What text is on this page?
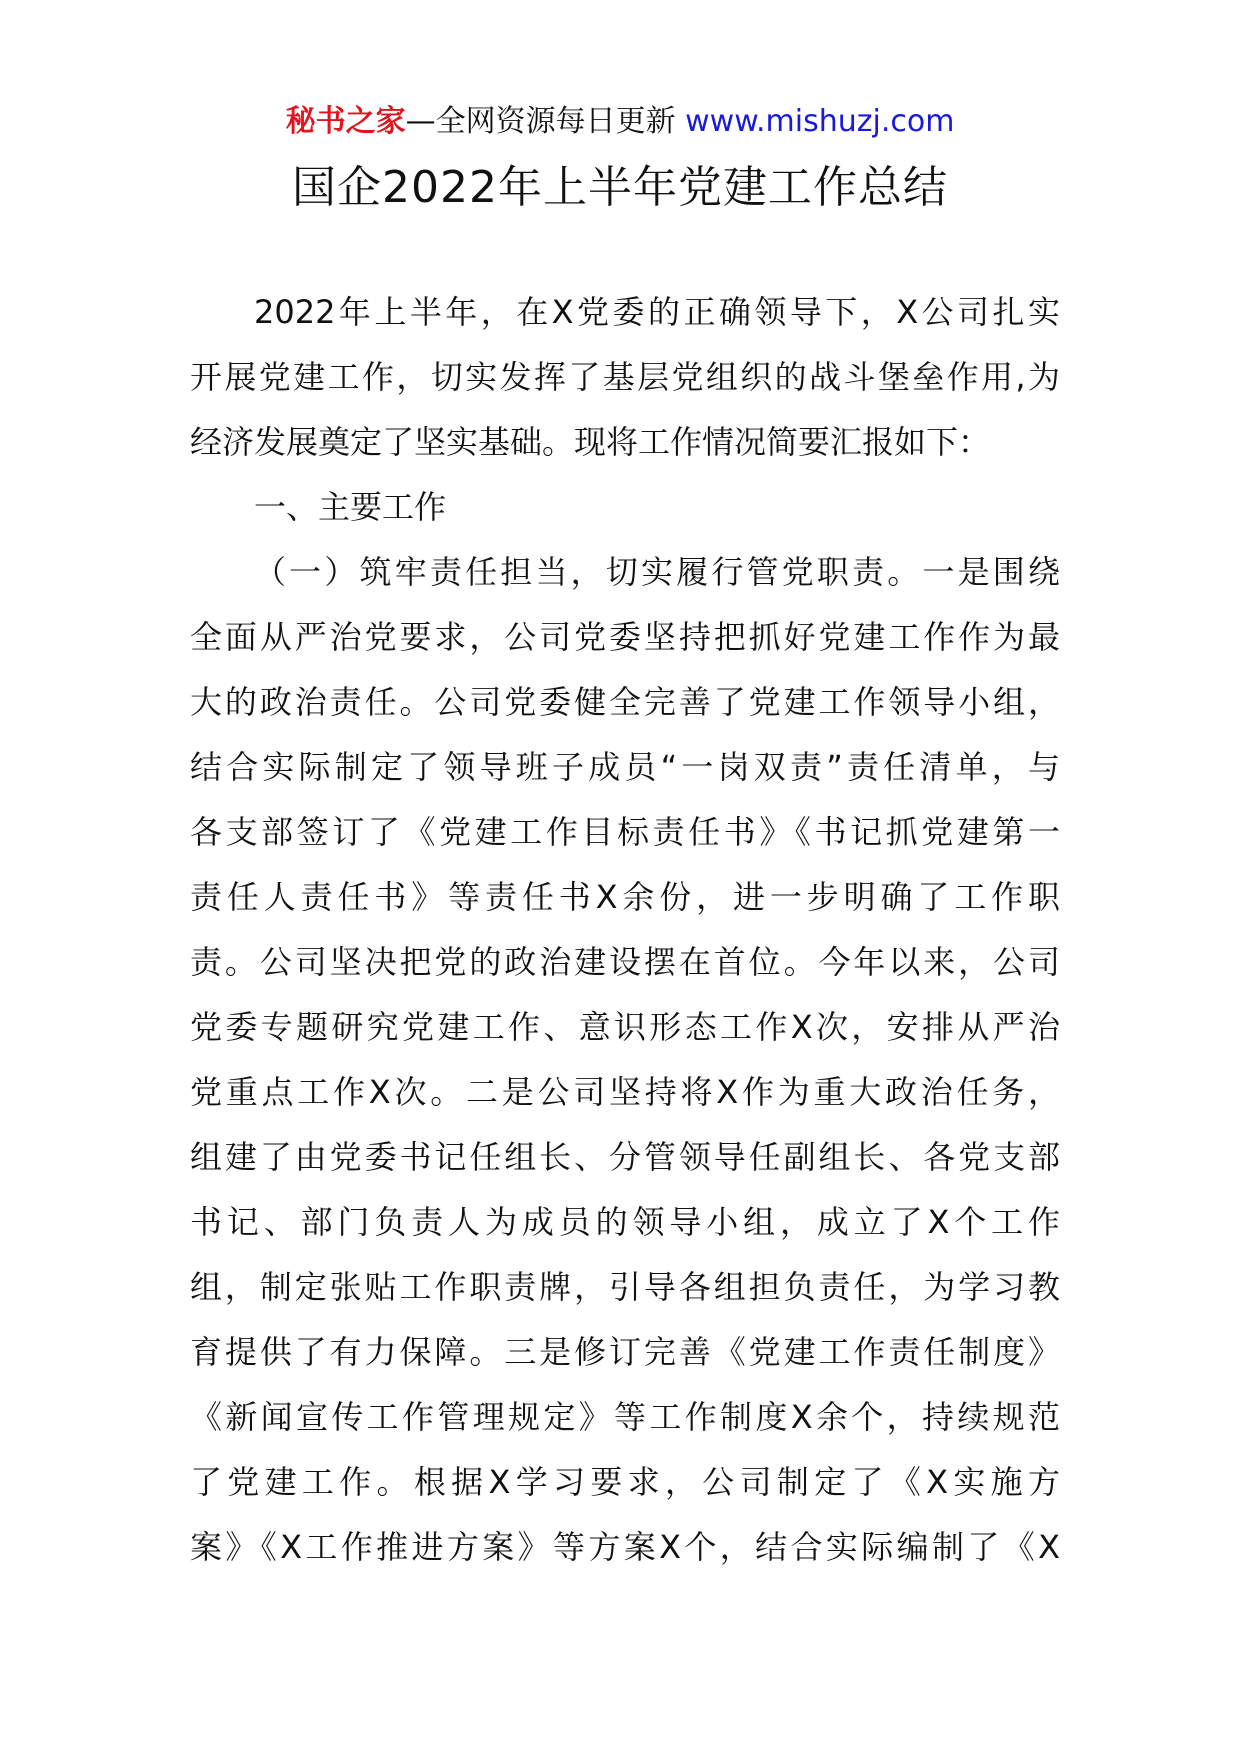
秘书之家—全网资源每日更新 www.mishuzj.com
国企2022年上半年党建工作总结
2022年上半年，在X党委的正确领导下，X公司扎实
开展党建工作，切实发挥了基层党组织的战斗堡垒作用,为
经济发展奠定了坚实基础。现将工作情况简要汇报如下：
一、主要工作
（一）筑牢责任担当，切实履行管党职责。一是围绕
全面从严治党要求，公司党委坚持把抓好党建工作作为最
大的政治责任。公司党委健全完善了党建工作领导小组，
结合实际制定了领导班子成员“一岗双责”责任清单，与
各支部签订了《党建工作目标责任书》《书记抓党建第一
责任人责任书》等责任书X余份，进一步明确了工作职
责。公司坚决把党的政治建设摆在首位。今年以来，公司
党委专题研究党建工作、意识形态工作X次，安排从严治
党重点工作X次。二是公司坚持将X作为重大政治任务，
组建了由党委书记任组长、分管领导任副组长、各党支部
书记、部门负责人为成员的领导小组，成立了X个工作
组，制定张贴工作职责牌，引导各组担负责任，为学习教
育提供了有力保障。三是修订完善《党建工作责任制度》
《新闻宣传工作管理规定》等工作制度X余个，持续规范
了党建工作。根据X学习要求，公司制定了《X实施方
案》《X工作推进方案》等方案X个，结合实际编制了《X
